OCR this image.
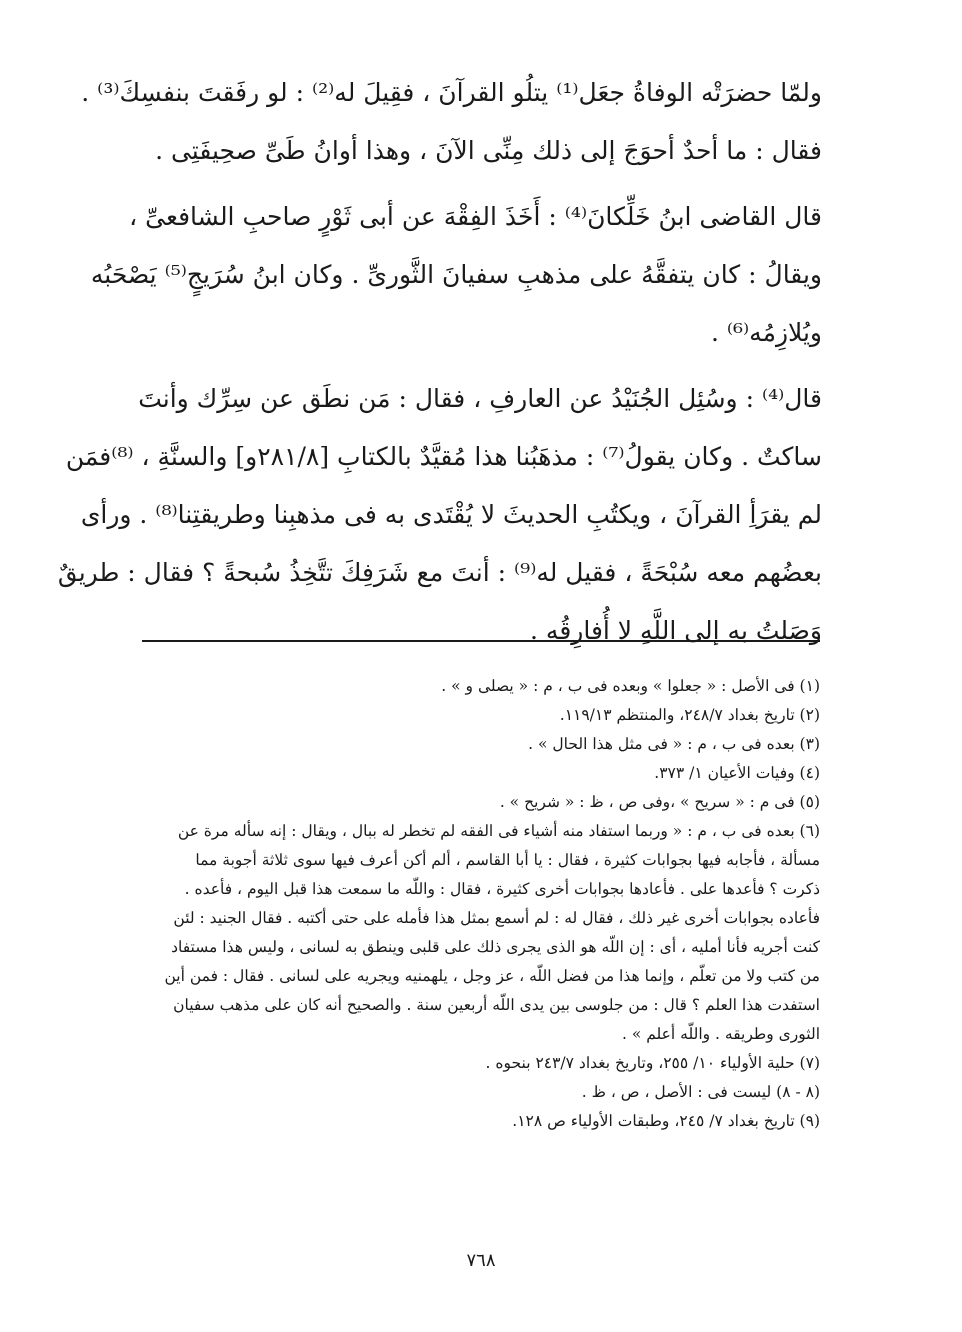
ولمّا حضرَتْه الوفاةُ جعَل⁽¹⁾ يتلُو القرآنَ ، فقِيلَ له⁽²⁾ : لو رفَقتَ بنفسِكَ⁽³⁾ .
فقال : ما أحدٌ أحوَجَ إلى ذلك مِنِّى الآنَ ، وهذا أوانُ طَىِّ صحِيفَتِى .
قال القاضى ابنُ خَلِّكانَ⁽⁴⁾ : أَخَذَ الفِقْهَ عن أبى ثَوْرٍ صاحبِ الشافعىِّ ،
ويقالُ : كان يتفقَّهُ على مذهبِ سفيانَ الثَّورىِّ . وكان ابنُ سُرَيجٍ⁽⁵⁾ يَصْحَبُه
ويُلازِمُه⁽⁶⁾ .
قال⁽⁴⁾ : وسُئِل الجُنَيْدُ عن العارفِ ، فقال : مَن نطَق عن سِرِّك وأنتَ
ساكتٌ . وكان يقولُ⁽⁷⁾ : مذهَبُنا هذا مُقيَّدٌ بالكتابِ [٢٨١/٨و] والسنَّةِ ، ⁽⁸⁾فمَن
لم يقرَأِ القرآنَ ، ويكتُبِ الحديثَ لا يُقْتَدى به فى مذهبِنا وطريقتِنا⁽⁸⁾ . ورأى
بعضُهم معه سُبْحَةً ، فقيل له⁽⁹⁾ : أنتَ مع شَرَفِكَ تتَّخِذُ سُبحةً ؟ فقال : طريقٌ
وَصَلتُ به إلى اللَّهِ لا أُفارِقُه .
(١) فى الأصل : « جعلوا » وبعده فى ب ، م : « يصلى و » .
(٢) تاريخ بغداد ٢٤٨/٧، والمنتظم ١١٩/١٣.
(٣) بعده فى ب ، م : « فى مثل هذا الحال » .
(٤) وفيات الأعيان ١/ ٣٧٣.
(٥) فى م : « سريح » ،وفى ص ، ظ : « شريح » .
(٦) بعده فى ب ، م : « وربما استفاد منه أشياء فى الفقه لم تخطر له ببال ، ويقال : إنه سأله مرة عن
مسألة ، فأجابه فيها بجوابات كثيرة ، فقال : يا أبا القاسم ، ألم أكن أعرف فيها سوى ثلاثة أجوبة مما
ذكرت ؟ فأعدها على . فأعادها بجوابات أخرى كثيرة ، فقال : واللّه ما سمعت هذا قبل اليوم ، فأعده .
فأعاده بجوابات أخرى غير ذلك ، فقال له : لم أسمع بمثل هذا فأمله على حتى أكتبه . فقال الجنيد : لئن
كنت أجريه فأنا أمليه ، أى : إن اللّه هو الذى يجرى ذلك على قلبى وينطق به لسانى ، وليس هذا مستفاد
من كتب ولا من تعلّم ، وإنما هذا من فضل اللّه ، عز وجل ، يلهمنيه ويجريه على لسانى . فقال : فمن أين
استفدت هذا العلم ؟ قال : من جلوسى بين يدى اللّه أربعين سنة . والصحيح أنه كان على مذهب سفيان
الثورى وطريقه . واللّه أعلم » .
(٧) حلية الأولياء ١٠/ ٢٥٥، وتاريخ بغداد ٢٤٣/٧ بنحوه .
(٨ - ٨) ليست فى : الأصل ، ص ، ظ .
(٩) تاريخ بغداد ٧/ ٢٤٥، وطبقات الأولياء ص ١٢٨.
٧٦٨
